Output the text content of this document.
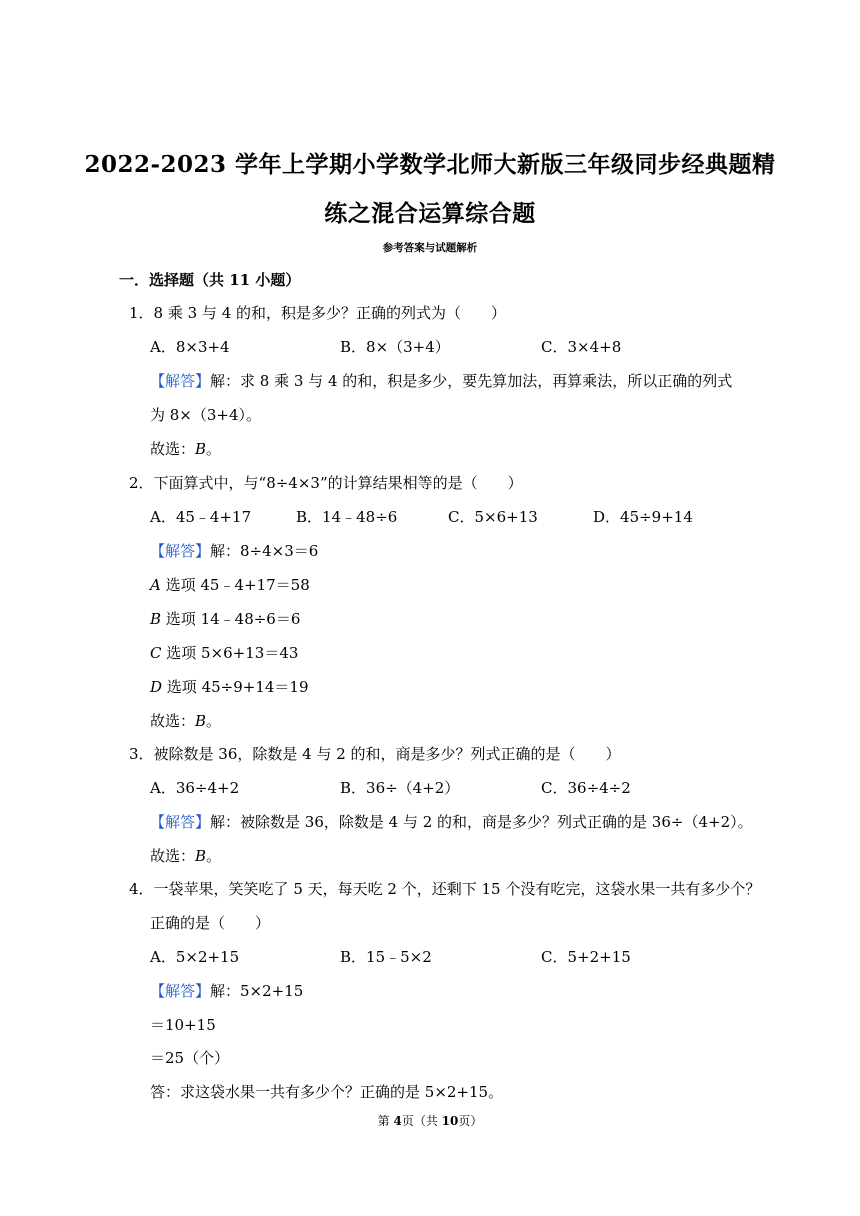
2022-2023 学年上学期小学数学北师大新版三年级同步经典题精
练之混合运算综合题
参考答案与试题解析
一．选择题（共 11 小题）
1．8 乘 3 与 4 的和，积是多少？正确的列式为（　　）
A．8×3+4	B．8×（3+4）	C．3×4+8
【解答】解：求 8 乘 3 与 4 的和，积是多少，要先算加法，再算乘法，所以正确的列式
为 8×（3+4）。
故选：B。
2．下面算式中，与“8÷4×3”的计算结果相等的是（　　）
A．45﹣4+17	B．14﹣48÷6	C．5×6+13	D．45÷9+14
【解答】解：8÷4×3＝6
A 选项 45﹣4+17＝58
B 选项 14﹣48÷6＝6
C 选项 5×6+13＝43
D 选项 45÷9+14＝19
故选：B。
3．被除数是 36，除数是 4 与 2 的和，商是多少？列式正确的是（　　）
A．36÷4+2	B．36÷（4+2）	C．36÷4÷2
【解答】解：被除数是 36，除数是 4 与 2 的和，商是多少？列式正确的是 36÷（4+2）。
故选：B。
4．一袋苹果，笑笑吃了 5 天，每天吃 2 个，还剩下 15 个没有吃完，这袋水果一共有多少个？
正确的是（　　）
A．5×2+15	B．15﹣5×2	C．5+2+15
【解答】解：5×2+15
＝10+15
＝25（个）
答：求这袋水果一共有多少个？正确的是 5×2+15。
第 4页（共 10页）
